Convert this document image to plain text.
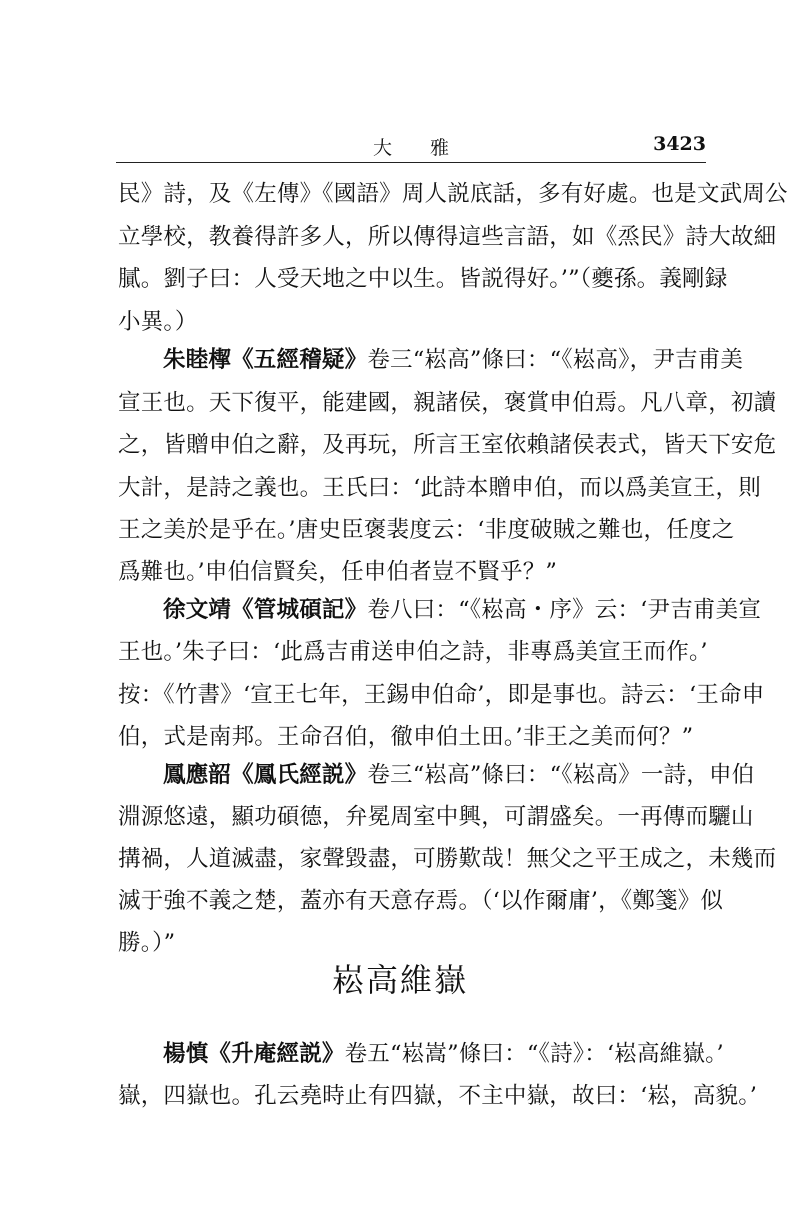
大雅	3423
民》詩，及《左傳》《國語》周人説底話，多有好處。也是文武周公
立學校，教養得許多人，所以傳得這些言語，如《烝民》詩大故細
膩。劉子曰：人受天地之中以生。皆説得好。’”（夔孫。義剛録
小異。）
朱睦㮮《五經稽疑》卷三“崧高”條曰：“《崧高》，尹吉甫美
宣王也。天下復平，能建國，親諸侯，褒賞申伯焉。凡八章，初讀
之，皆贈申伯之辭，及再玩，所言王室依賴諸侯表式，皆天下安危
大計，是詩之義也。王氏曰：‘此詩本贈申伯，而以爲美宣王，則
王之美於是乎在。’唐史臣褒裴度云：‘非度破賊之難也，任度之
爲難也。’申伯信賢矣，任申伯者豈不賢乎？”
徐文靖《管城碩記》卷八曰：“《崧高・序》云：‘尹吉甫美宣
王也。’朱子曰：‘此爲吉甫送申伯之詩，非專爲美宣王而作。’
按：《竹書》‘宣王七年，王錫申伯命’，即是事也。詩云：‘王命申
伯，式是南邦。王命召伯，徹申伯土田。’非王之美而何？”
鳳應韶《鳳氏經説》卷三“崧高”條曰：“《崧高》一詩，申伯
淵源悠遠，顯功碩德，弁冕周室中興，可謂盛矣。一再傳而驪山
搆禍，人道滅盡，家聲毀盡，可勝歎哉！無父之平王成之，未幾而
滅于強不義之楚，蓋亦有天意存焉。（‘以作爾庸’，《鄭箋》似
勝。）”
崧高維嶽
楊慎《升庵經説》卷五“崧嵩”條曰：“《詩》：‘崧高維嶽。’
嶽，四嶽也。孔云堯時止有四嶽，不主中嶽，故曰：‘崧，高貌。’
